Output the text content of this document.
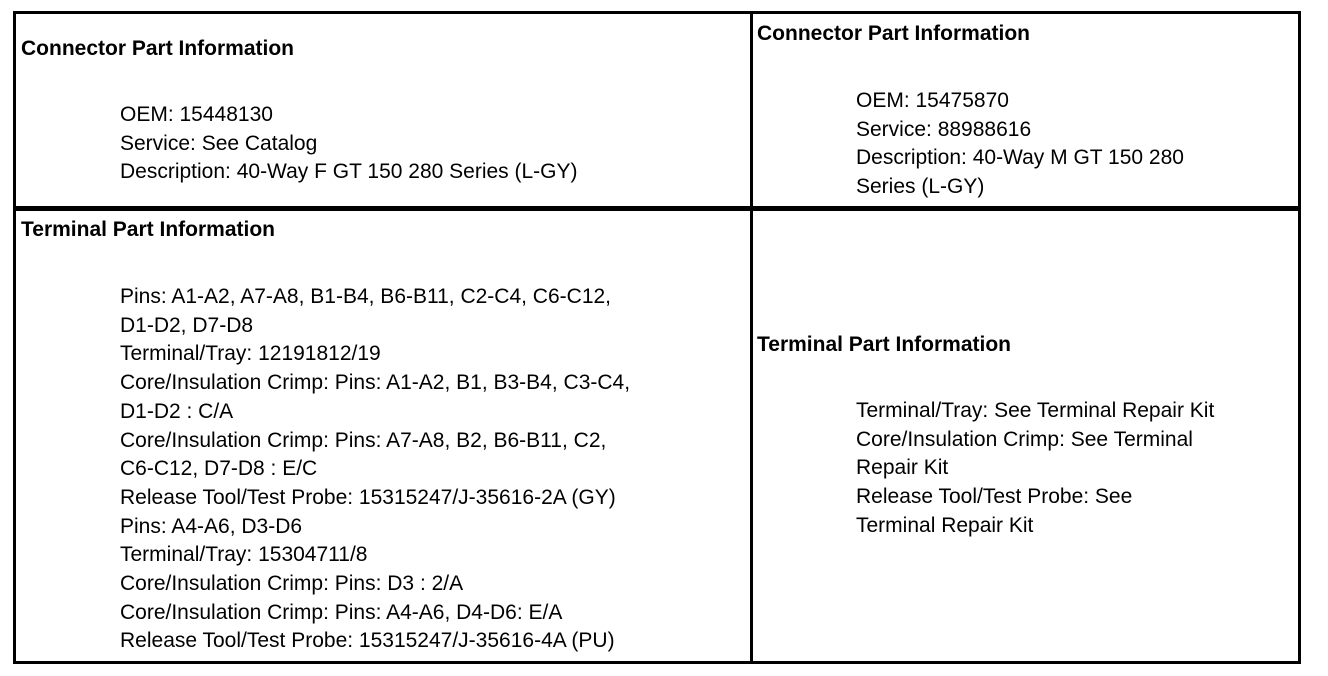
Connector Part Information
OEM: 15448130
Service: See Catalog
Description: 40-Way F GT 150 280 Series (L-GY)
Connector Part Information
OEM: 15475870
Service: 88988616
Description: 40-Way M GT 150 280
Series (L-GY)
Terminal Part Information
Pins: A1-A2, A7-A8, B1-B4, B6-B11, C2-C4, C6-C12,
D1-D2, D7-D8
Terminal/Tray: 12191812/19
Core/Insulation Crimp: Pins: A1-A2, B1, B3-B4, C3-C4,
D1-D2 : C/A
Core/Insulation Crimp: Pins: A7-A8, B2, B6-B11, C2,
C6-C12, D7-D8 : E/C
Release Tool/Test Probe: 15315247/J-35616-2A (GY)
Pins: A4-A6, D3-D6
Terminal/Tray: 15304711/8
Core/Insulation Crimp: Pins: D3 : 2/A
Core/Insulation Crimp: Pins: A4-A6, D4-D6: E/A
Release Tool/Test Probe: 15315247/J-35616-4A (PU)
Terminal Part Information
Terminal/Tray: See Terminal Repair Kit
Core/Insulation Crimp: See Terminal
Repair Kit
Release Tool/Test Probe: See
Terminal Repair Kit
